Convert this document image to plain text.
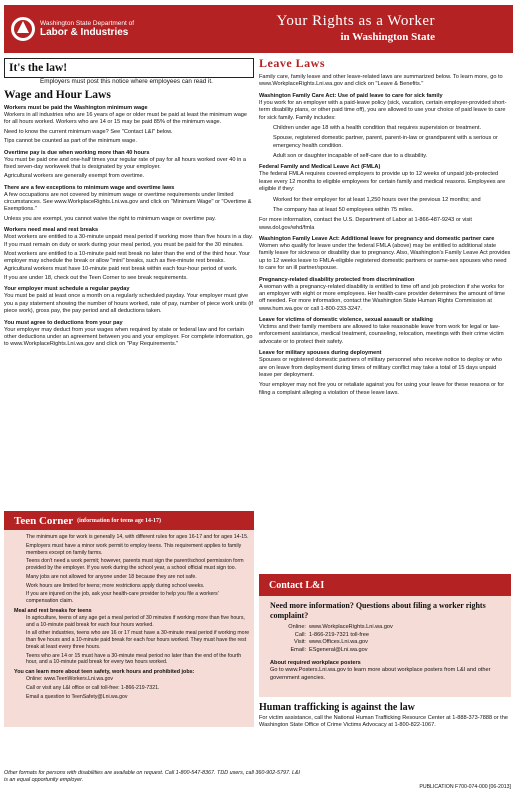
Washington State Department of
Labor & Industries
Your Rights as a Worker
in Washington State
It's the law!
Employers must post this notice where employees can read it.
Wage and Hour Laws
Workers must be paid the Washington minimum wage

Workers in all industries who are 16 years of age or older must be paid at least the minimum wage for all hours worked. Workers who are 14 or 15 may be paid 85% of the minimum wage.

Need to know the current minimum wage? See "Contact L&I" below.

Tips cannot be counted as part of the minimum wage.

Overtime pay is due when working more than 40 hours

You must be paid one and one-half times your regular rate of pay for all hours worked over 40 in a fixed seven-day workweek that is designated by your employer.

Agricultural workers are generally exempt from overtime.

There are a few exceptions to minimum wage and overtime laws

A few occupations are not covered by minimum wage or overtime requirements under limited circumstances. See www.WorkplaceRights.Lni.wa.gov and click on "Minimum Wage" or "Overtime & Exemptions."

Unless you are exempt, you cannot waive the right to minimum wage or overtime pay.

Workers need meal and rest breaks

Most workers are entitled to a 30-minute unpaid meal period if working more than five hours in a day. If you must remain on duty or work during your meal period, you must be paid for the 30 minutes.

Most workers are entitled to a 10-minute paid rest break no later than the end of the third hour. Your employer may schedule the break or allow "mini" breaks, such as five-minute rest breaks. Agricultural workers must have 10-minute paid rest break within each four-hour period of work.

If you are under 18, check out the Teen Corner to see break requirements.

Your employer must schedule a regular payday

You must be paid at least once a month on a regularly scheduled payday. Your employer must give you a pay statement showing the number of hours worked, rate of pay, number of piece work units (if piece work), gross pay, the pay period and all deductions taken.

You must agree to deductions from your pay

Your employer may deduct from your wages when required by state or federal law and for certain other deductions under an agreement between you and your employer. For complete information, go to www.WorkplaceRights.Lni.wa.gov and click on "Pay Requirements."

Teen Corner (information for teens age 14-17)

The minimum age for work is generally 14, with different rules for ages 16-17 and for ages 14-15.

Employers must have a minor work permit to employ teens. This requirement applies to family members except on family farms.

Teens don't need a work permit; however, parents must sign the parent/school permission form provided by the employer. If you work during the school year, a school official must sign too.

Many jobs are not allowed for anyone under 18 because they are not safe.

Work hours are limited for teens; more restrictions apply during school weeks.

If you are injured on the job, ask your health-care provider to help you file a workers' compensation claim.

Meal and rest breaks for teens

In agriculture, teens of any age get a meal period of 30 minutes if working more than five hours, and a 10-minute paid break for each four hours worked.

In all other industries, teens who are 16 or 17 must have a 30-minute meal period if working more than five hours and a 10-minute paid break for each four hours worked. They must have the rest break at least every three hours.

Teens who are 14 or 15 must have a 30-minute meal period no later than the end of the fourth hour, and a 10-minute paid break for every two hours worked.

You can learn more about teen safety, work hours and prohibited jobs:

Online: www.TeenWorkers.Lni.wa.gov

Call or visit any L&I office or call toll-free: 1-866-219-7321.

Email a question to TeenSafety@Lni.wa.gov

Leave Laws

Family care, family leave and other leave-related laws are summarized below. To learn more, go to www.WorkplaceRights.Lni.wa.gov and click on "Leave & Benefits."

Washington Family Care Act: Use of paid leave to care for sick family

If you work for an employer with a paid-leave policy (sick, vacation, certain employer-provided short-term disability plans, or other paid time off), you are allowed to use your choice of paid leave to care for sick family. Family includes:

Children under age 18 with a health condition that requires supervision or treatment.

Spouse, registered domestic partner, parent, parent-in-law or grandparent with a serious or emergency health condition.

Adult son or daughter incapable of self-care due to a disability.

Federal Family and Medical Leave Act (FMLA)

The federal FMLA requires covered employers to provide up to 12 weeks of unpaid job-protected leave every 12 months to eligible employees for certain family and medical reasons. Employees are eligible if they:

Worked for their employer for at least 1,250 hours over the previous 12 months; and

The company has at least 50 employees within 75 miles.

For more information, contact the U.S. Department of Labor at 1-866-487-9243 or visit www.dol.gov/whd/fmla

Washington Family Leave Act: Additional leave for pregnancy and domestic partner care

Women who qualify for leave under the federal FMLA (above) may be entitled to additional state family leave for sickness or disability due to pregnancy. Also, Washington's Family Leave Act provides up to 12 weeks leave to FMLA-eligible registered domestic partners or same-sex spouses who need to care for an ill partner/spouse.

Pregnancy-related disability protected from discrimination

A woman with a pregnancy-related disability is entitled to time off and job protection if she works for an employer with eight or more employees. Her health-care provider determines the amount of time off needed. For more information, contact the Washington State Human Rights Commission at www.hum.wa.gov or call 1-800-233-3247.

Leave for victims of domestic violence, sexual assault or stalking

Victims and their family members are allowed to take reasonable leave from work for legal or law-enforcement assistance, medical treatment, counseling, relocation, meetings with their crime victim advocate or to protect their safety.

Leave for military spouses during deployment

Spouses or registered domestic partners of military personnel who receive notice to deploy or who are on leave from deployment during times of military conflict may take a total of 15 days unpaid leave per deployment.

Your employer may not fire you or retaliate against you for using your leave for these reasons or for filing a complaint alleging a violation of these leave laws.

Contact L&I
Need more information? Questions about filing a worker rights complaint?
Online: www.WorkplaceRights.Lni.wa.gov
Call: 1-866-219-7321 toll-free
Visit: www.Offices.Lni.wa.gov
Email: ESgeneral@Lni.wa.gov
About required workplace posters

Go to www.Posters.Lni.wa.gov to learn more about workplace posters from L&I and other government agencies.

Human trafficking is against the law

For victim assistance, call the National Human Trafficking Resource Center at 1-888-373-7888 or the Washington State Office of Crime Victims Advocacy at 1-800-822-1067.

Other formats for persons with disabilities are available on request. Call 1-800-547-8367. TDD users, call 360-902-5797. L&I is an equal opportunity employer.
PUBLICATION F700-074-000 [06-2013]
